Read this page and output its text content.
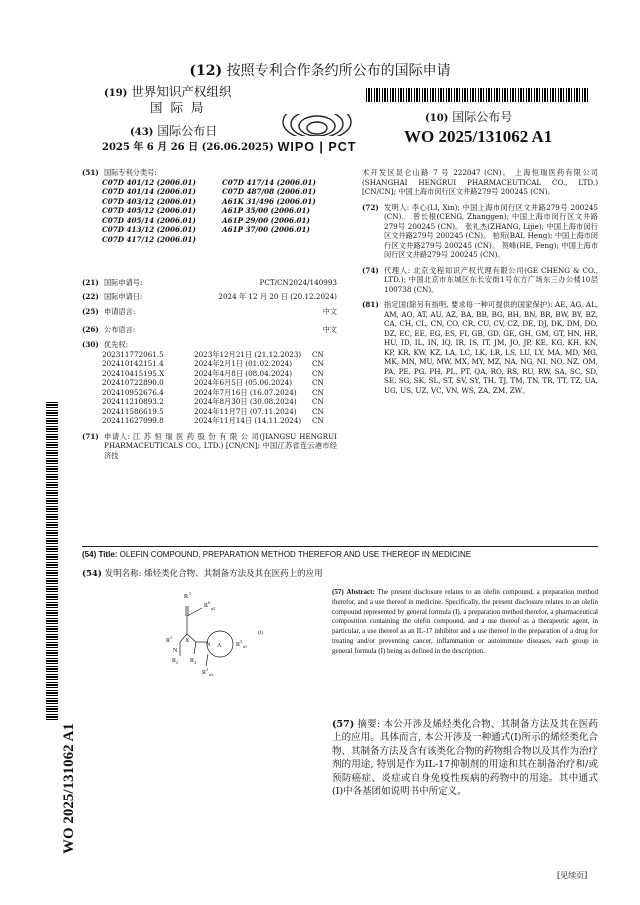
(12) 按照专利合作条约所公布的国际申请
(19) 世界知识产权组织
国 际 局
(43) 国际公布日
2025 年 6 月 26 日 (26.06.2025) WIPO | PCT
(10) 国际公布号
WO 2025/131062 A1
WO 2025/131062 A1
(51) 国际专利分类号:
C07D 401/12 (2006.01)	C07D 417/14 (2006.01)
C07D 401/14 (2006.01)	C07D 487/08 (2006.01)
C07D 403/12 (2006.01)	A61K 31/496 (2006.01)
C07D 405/12 (2006.01)	A61P 35/00 (2006.01)
C07D 405/14 (2006.01)	A61P 29/00 (2006.01)
C07D 413/12 (2006.01)	A61P 37/00 (2006.01)
C07D 417/12 (2006.01)
(21) 国际申请号:	PCT/CN2024/140993
(22) 国际申请日:	2024 年 12 月 20 日 (20.12.2024)
(25) 申请语言:	中文
(26) 公布语言:	中文
(30) 优先权:
202311772061.5	2023年12月21日 (21.12.2023)	CN
202410142151.4	2024年2月1日 (01.02.2024)	CN
202410415195.X	2024年4月8日 (08.04.2024)	CN
202410722890.0	2024年6月5日 (05.06.2024)	CN
202410952676.4	2024年7月16日 (16.07.2024)	CN
202411210893.2	2024年8月30日 (30.08.2024)	CN
202411586619.5	2024年11月7日 (07.11.2024)	CN
202411627099.8	2024年11月14日 (14.11.2024)	CN
(71) 申请人: 江 苏 恒 瑞 医 药 股 份 有 限 公 司(JIANGSU HENGRUI PHARMACEUTICALS CO., LTD.) [CN/CN]; 中国江苏省连云港市经济技
术开发区昆仑山路 7 号 222047 (CN)。 上海恒瑞医药有限公司 (SHANGHAI HENGRUI PHARMACEUTICAL CO., LTD.) [CN/CN]; 中国上海市闵行区文井路279号 200245 (CN)。
(72) 发明人: 李心(LI, Xin); 中国上海市闵行区文井路279号 200245 (CN)。 曾长根(CENG, Zhanggen); 中国上海市闵行区文井路279号 200245 (CN)。 张礼杰(ZHANG, Lijie); 中国上海市闵行区文井路279号 200245 (CN)。 柏珩(BAI, Heng); 中国上海市闵行区文井路279号 200245 (CN)。 贺峰(HE, Feng); 中国上海市闵行区文井路279号 200245 (CN)。
(74) 代理人: 北京戈程知识产权代理有限公司(GE CHENG & CO., LTD.); 中国北京市东城区东长安街1号东方广场东三办公楼10层 100738 (CN)。
(81) 指定国(除另有指明, 要求每一种可提供的国家保护): AE, AG, AL, AM, AO, AT, AU, AZ, BA, BB, BG, BH, BN, BR, BW, BY, BZ, CA, CH, CL, CN, CO, CR, CU, CV, CZ, DE, DJ, DK, DM, DO, DZ, EC, EE, EG, ES, FI, GB, GD, GE, GH, GM, GT, HN, HR, HU, ID, IL, IN, IQ, IR, IS, IT, JM, JO, JP, KE, KG, KH, KN, KP, KR, KW, KZ, LA, LC, LK, LR, LS, LU, LY, MA, MD, MG, MK, MN, MU, MW, MX, MY, MZ, NA, NG, NI, NO, NZ, OM, PA, PE, PG, PH, PL, PT, QA, RO, RS, RU, RW, SA, SC, SD, SE, SG, SK, SL, ST, SV, SY, TH, TJ, TM, TN, TR, TT, TZ, UA, UG, US, UZ, VC, VN, WS, ZA, ZM, ZW。
(54) Title: OLEFIN COMPOUND, PREPARATION METHOD THEREFOR AND USE THEREOF IN MEDICINE
(54) 发明名称: 烯烃类化合物、其制备方法及其在医药上的应用
R
5
R
6
n2
R
1
X
N
R 2 R 4
N A R
3
n1
R
3
n3
(I)
(57) Abstract: The present disclosure relates to an olefin compound, a preparation method therefor, and a use thereof in medicine. Specifically, the present disclosure relates to an olefin compound represented by general formula (I), a preparation method therefor, a pharmaceutical composition containing the olefin compound, and a use thereof as a therapeutic agent, in particular, a use thereof as an IL-17 inhibitor and a use thereof in the preparation of a drug for treating and/or preventing cancer, inflammation or autoimmune diseases, each group in general formula (I) being as defined in the description.
(57) 摘要: 本公开涉及烯烃类化合物、其制备方法及其在医药上的应用。具体而言, 本公开涉及一种通式(I)所示的烯烃类化合物、其制备方法及含有该类化合物的药物组合物以及其作为治疗剂的用途, 特别是作为IL-17抑制剂的用途和其在制备治疗和/或预防癌症、炎症或自身免疫性疾病的药物中的用途。其中通式(I)中各基团如说明书中所定义。
[见续页]
